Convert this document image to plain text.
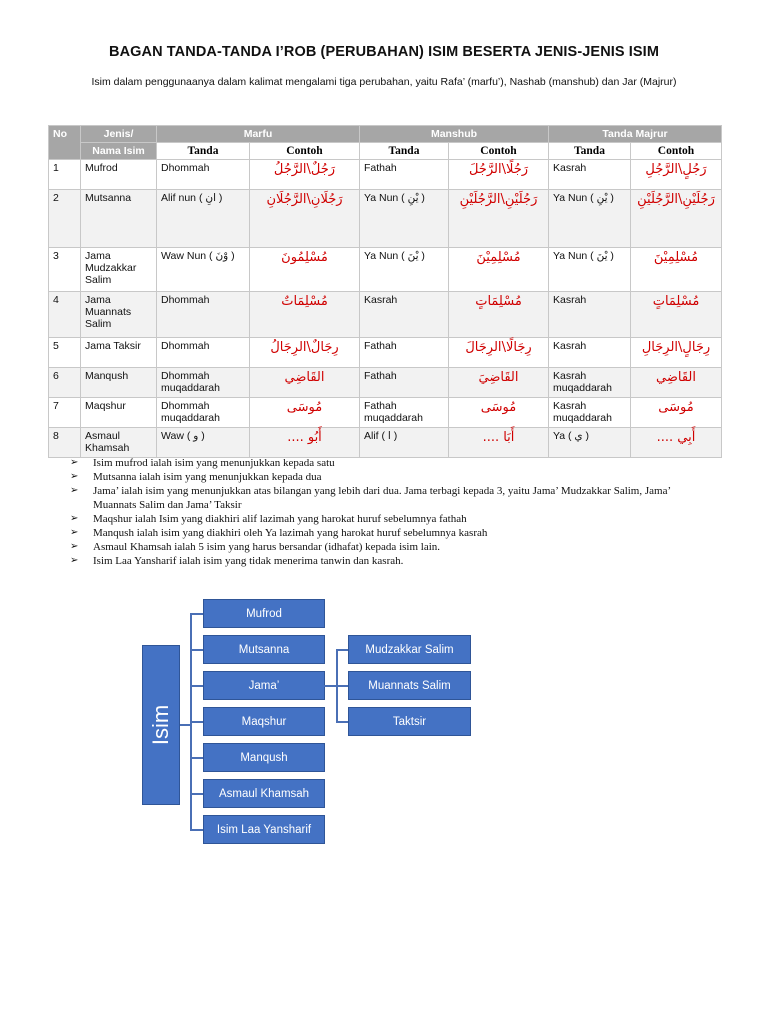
BAGAN TANDA-TANDA I’ROB (PERUBAHAN) ISIM BESERTA JENIS-JENIS ISIM
Isim dalam penggunaanya dalam kalimat mengalami tiga perubahan, yaitu Rafa’ (marfu’), Nashab (manshub) dan Jar (Majrur)
No	Jenis/	Marfu		Manshub		Tanda Majrur	
	Nama Isim	Tanda	Contoh	Tanda	Contoh	Tanda	Contoh
1	Mufrod	Dhommah	رَجُلٌ\الرَّجُلُ	Fathah	رَجُلًا\الرَّجُلَ	Kasrah	رَجُلٍ\الرَّجُلِ
2	Mutsanna	Alif nun ( انِ )	رَجُلَانِ\الرَّجُلَانِ	Ya Nun ( يْنِ )	رَجُلَيْنِ\الرَّجُلَيْنِ	Ya Nun ( يْنِ )	رَجُلَيْنِ\الرَّجُلَيْنِ
3	Jama Mudzakkar Salim	Waw Nun ( وْنَ )	مُسْلِمُونَ	Ya Nun ( يْنَ )	مُسْلِمِيْنَ	Ya Nun ( يْنَ )	مُسْلِمِيْنَ
4	Jama Muannats Salim	Dhommah	مُسْلِمَاتٌ	Kasrah	مُسْلِمَاتٍ	Kasrah	مُسْلِمَاتٍ
5	Jama Taksir	Dhommah	رِجَالٌ\الرِجَالُ	Fathah	رِجَالًا\الرِجَالَ	Kasrah	رِجَالٍ\الرِجَالِ
6	Manqush	Dhommah muqaddarah	القَاضِي	Fathah	القَاضِيَ	Kasrah muqaddarah	القَاضِي
7	Maqshur	Dhommah muqaddarah	مُوسَى	Fathah muqaddarah	مُوسَى	Kasrah muqaddarah	مُوسَى
8	Asmaul Khamsah	Waw ( و )	أَبُو ....	Alif ( ا )	أَبَا ....	Ya ( ي )	أَبِي ....
➢ Isim mufrod ialah isim yang menunjukkan kepada satu
➢ Mutsanna ialah isim yang menunjukkan kepada dua
➢ Jama’ ialah isim yang menunjukkan atas bilangan yang lebih dari dua. Jama terbagi kepada 3, yaitu Jama’ Mudzakkar Salim, Jama’ Muannats Salim dan Jama’ Taksir
➢ Maqshur ialah Isim yang diakhiri alif lazimah yang harokat huruf sebelumnya fathah
➢ Manqush ialah isim yang diakhiri oleh Ya lazimah yang harokat huruf sebelumnya kasrah
➢ Asmaul Khamsah ialah 5 isim yang harus bersandar (idhafat) kepada isim lain.
➢ Isim Laa Yansharif ialah isim yang tidak menerima tanwin dan kasrah.
Isim
Mufrod
Mutsanna
Jama’
Maqshur
Manqush
Asmaul Khamsah
Isim Laa Yansharif
Mudzakkar Salim
Muannats Salim
Taktsir
